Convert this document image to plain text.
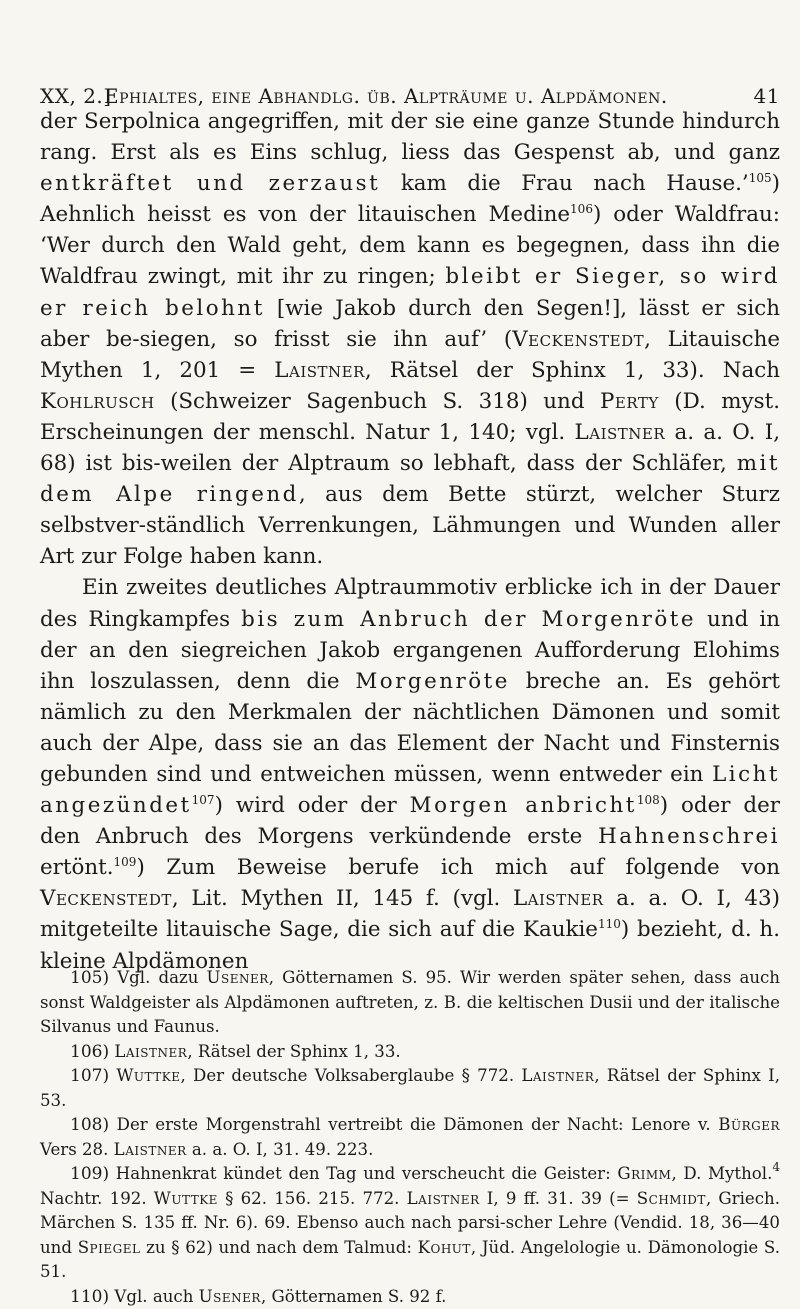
XX, 2.]
Ephialtes, eine Abhandlg. üb. Alpträume u. Alpdämonen.	41

der Serpolnica angegriffen, mit der sie eine ganze Stunde hindurch rang. Erst als es Eins schlug, liess das Gespenst ab, und ganz entkräftet und zerzaust kam die Frau nach Hause.’$^{105}$) Aehnlich heisst es von der litauischen Medine$^{106}$) oder Waldfrau: ‘Wer durch den Wald geht, dem kann es begegnen, dass ihn die Waldfrau zwingt, mit ihr zu ringen; bleibt er Sieger, so wird er reich belohnt [wie Jakob durch den Segen!], lässt er sich aber be-siegen, so frisst sie ihn auf’ (Veckenstedt, Litauische Mythen 1, 201 = Laistner, Rätsel der Sphinx 1, 33). Nach Kohlrusch (Schweizer Sagenbuch S. 318) und Perty (D. myst. Erscheinungen der menschl. Natur 1, 140; vgl. Laistner a. a. O. I, 68) ist bis-weilen der Alptraum so lebhaft, dass der Schläfer, mit dem Alpe ringend, aus dem Bette stürzt, welcher Sturz selbstver-ständlich Verrenkungen, Lähmungen und Wunden aller Art zur Folge haben kann.

Ein zweites deutliches Alptraummotiv erblicke ich in der Dauer des Ringkampfes bis zum Anbruch der Morgenröte und in der an den siegreichen Jakob ergangenen Aufforderung Elohims ihn loszulassen, denn die Morgenröte breche an. Es gehört nämlich zu den Merkmalen der nächtlichen Dämonen und somit auch der Alpe, dass sie an das Element der Nacht und Finsternis gebunden sind und entweichen müssen, wenn entweder ein Licht angezündet$^{107}$) wird oder der Morgen anbricht$^{108}$) oder der den Anbruch des Morgens verkündende erste Hahnenschrei ertönt.$^{109}$) Zum Beweise berufe ich mich auf folgende von Veckenstedt, Lit. Mythen II, 145 f. (vgl. Laistner a. a. O. I, 43) mitgeteilte litauische Sage, die sich auf die Kaukie$^{110}$) bezieht, d. h. kleine Alpdämonen

105) Vgl. dazu Usener, Götternamen S. 95. Wir werden später sehen, dass auch sonst Waldgeister als Alpdämonen auftreten, z. B. die keltischen Dusii und der italische Silvanus und Faunus.

106) Laistner, Rätsel der Sphinx 1, 33.

107) Wuttke, Der deutsche Volksaberglaube § 772. Laistner, Rätsel der Sphinx I, 53.

108) Der erste Morgenstrahl vertreibt die Dämonen der Nacht: Lenore v. Bürger Vers 28. Laistner a. a. O. I, 31. 49. 223.

109) Hahnenkrat kündet den Tag und verscheucht die Geister: Grimm, D. Mythol.$^4$ Nachtr. 192. Wuttke § 62. 156. 215. 772. Laistner I, 9 ff. 31. 39 (= Schmidt, Griech. Märchen S. 135 ff. Nr. 6). 69. Ebenso auch nach parsi-scher Lehre (Vendid. 18, 36—40 und Spiegel zu § 62) und nach dem Talmud: Kohut, Jüd. Angelologie u. Dämonologie S. 51.

110) Vgl. auch Usener, Götternamen S. 92 f.
